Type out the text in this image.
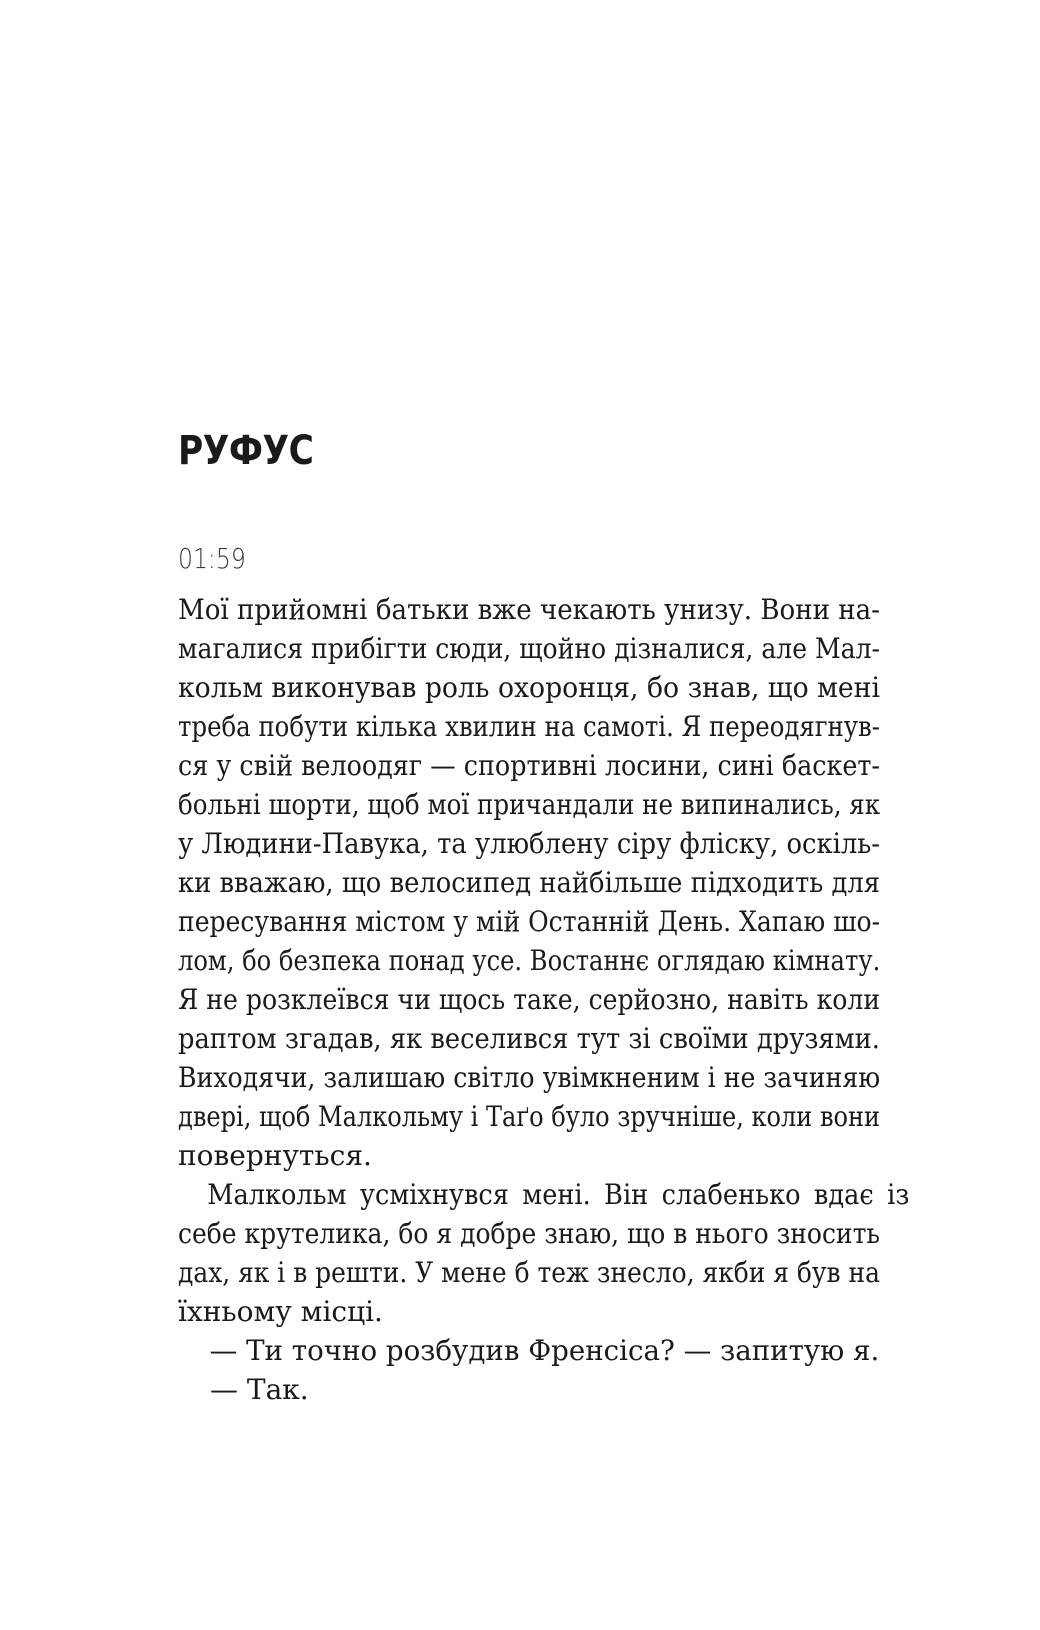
РУФУС
01:59
Мої прийомні батьки вже чекають унизу. Вони на-
магалися прибігти сюди, щойно дізналися, але Мал-
кольм виконував роль охоронця, бо знав, що мені
треба побути кілька хвилин на самоті. Я переодягнув-
ся у свій велоодяг — спортивні лосини, сині баскет-
больні шорти, щоб мої причандали не випинались, як
у Людини-Павука, та улюблену сіру фліску, оскіль-
ки вважаю, що велосипед найбільше підходить для
пересування містом у мій Останній День. Хапаю шо-
лом, бо безпека понад усе. Востаннє оглядаю кімнату.
Я не розклеївся чи щось таке, серйозно, навіть коли
раптом згадав, як веселився тут зі своїми друзями.
Виходячи, залишаю світло увімкненим і не зачиняю
двері, щоб Малкольму і Таґо було зручніше, коли вони
повернуться.
Малкольм усміхнувся мені. Він слабенько вдає із
себе крутелика, бо я добре знаю, що в нього зносить
дах, як і в решти. У мене б теж знесло, якби я був на
їхньому місці.
— Ти точно розбудив Френсіса? — запитую я.
— Так.
